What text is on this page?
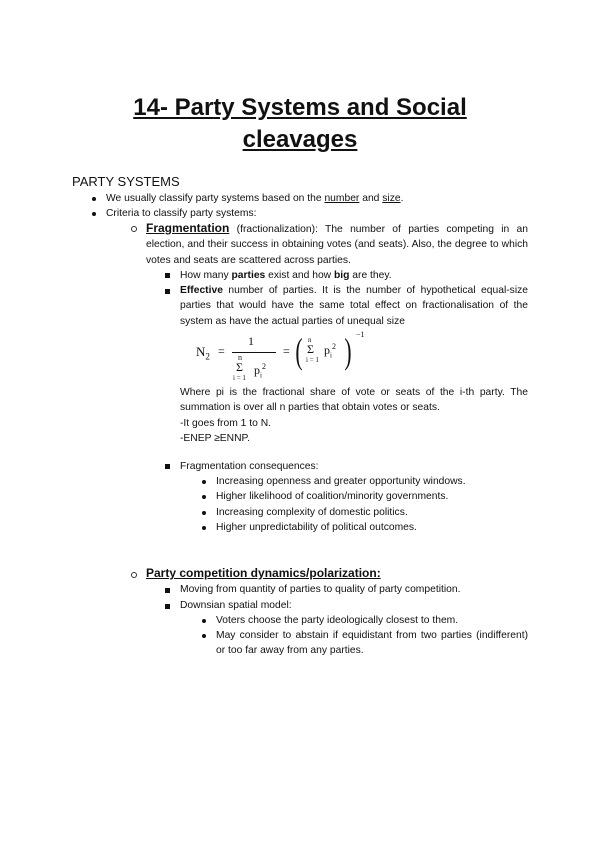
14- Party Systems and Social
cleavages
PARTY SYSTEMS
We usually classify party systems based on the number and size.
Criteria to classify party systems:
Fragmentation (fractionalization): The number of parties competing in an election, and their success in obtaining votes (and seats). Also, the degree to which votes and seats are scattered across parties.
How many parties exist and how big are they.
Effective number of parties. It is the number of hypothetical equal-size parties that would have the same total effect on fractionalisation of the system as have the actual parties of unequal size
$N_2$ =
1
n
Σ
i = 1
$p_i^2$
= ( n
Σ
i = 1
$p_i^2$ ) −1
Where pi is the fractional share of vote or seats of the i-th party. The summation is over all n parties that obtain votes or seats.
-It goes from 1 to N.
-ENEP ≥ENNP.
Fragmentation consequences:
Increasing openness and greater opportunity windows.
Higher likelihood of coalition/minority governments.
Increasing complexity of domestic politics.
Higher unpredictability of political outcomes.
Party competition dynamics/polarization:
Moving from quantity of parties to quality of party competition.
Downsian spatial model:
Voters choose the party ideologically closest to them.
May consider to abstain if equidistant from two parties (indifferent) or too far away from any parties.
